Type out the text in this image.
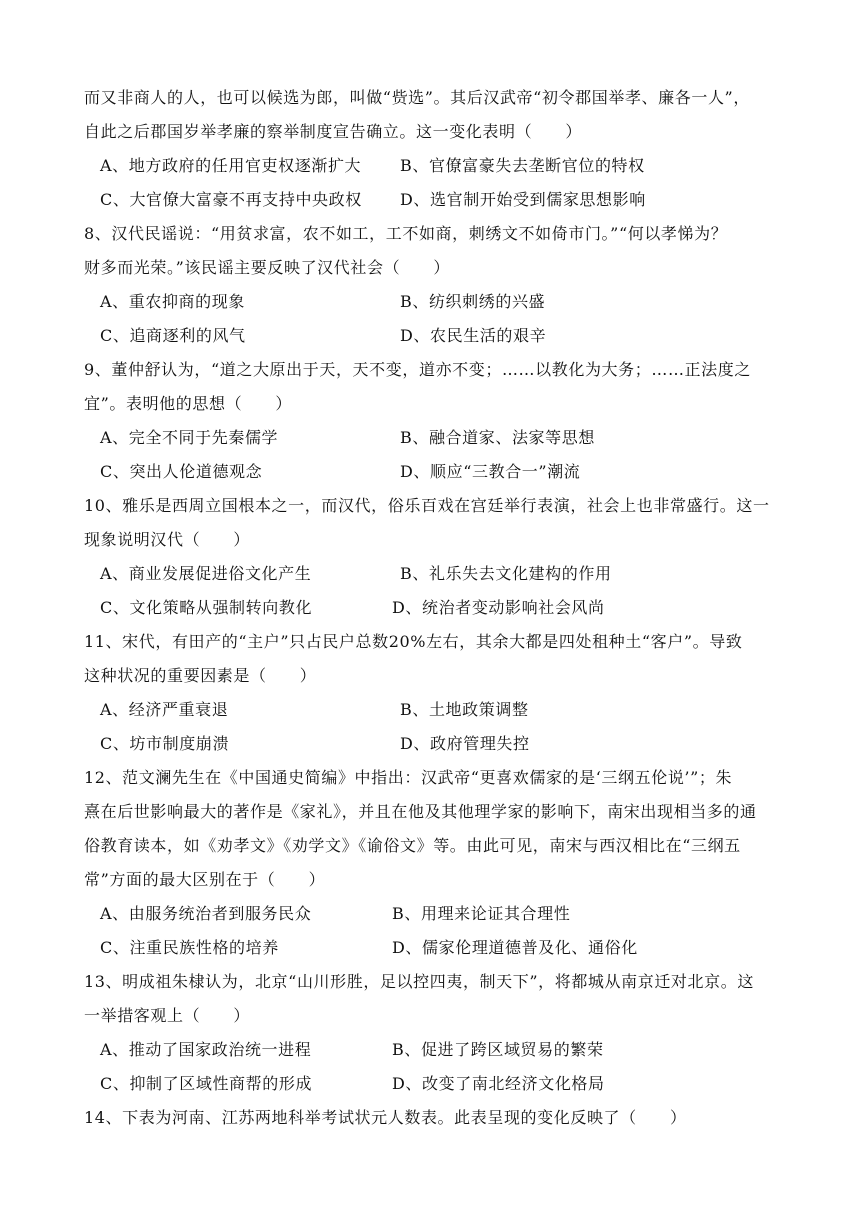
而又非商人的人，也可以候选为郎，叫做“赀选”。其后汉武帝“初令郡国举孝、廉各一人”，
自此之后郡国岁举孝廉的察举制度宣告确立。这一变化表明（　　）
A、地方政府的任用官吏权逐渐扩大 B、官僚富豪失去垄断官位的特权
C、大官僚大富豪不再支持中央政权 D、选官制开始受到儒家思想影响
8、汉代民谣说：“用贫求富，农不如工，工不如商，刺绣文不如倚市门。”“何以孝悌为？
财多而光荣。”该民谣主要反映了汉代社会（　　）
A、重农抑商的现象	B、纺织刺绣的兴盛
C、追商逐利的风气	D、农民生活的艰辛
9、董仲舒认为，“道之大原出于天，天不变，道亦不变；……以教化为大务；……正法度之
宜”。表明他的思想（　　）
A、完全不同于先秦儒学	B、融合道家、法家等思想
C、突出人伦道德观念	D、顺应“三教合一”潮流
10、雅乐是西周立国根本之一，而汉代，俗乐百戏在宫廷举行表演，社会上也非常盛行。这一
现象说明汉代（　　）
A、商业发展促进俗文化产生	B、礼乐失去文化建构的作用
C、文化策略从强制转向教化	D、统治者变动影响社会风尚
11、宋代，有田产的“主户”只占民户总数20%左右，其余大都是四处租种土“客户”。导致
这种状况的重要因素是（　　）
A、经济严重衰退	B、土地政策调整
C、坊市制度崩溃	D、政府管理失控
12、范文澜先生在《中国通史简编》中指出：汉武帝“更喜欢儒家的是‘三纲五伦说’”；朱
熹在后世影响最大的著作是《家礼》，并且在他及其他理学家的影响下，南宋出现相当多的通
俗教育读本，如《劝孝文》《劝学文》《谕俗文》等。由此可见，南宋与西汉相比在“三纲五
常”方面的最大区别在于（　　）
A、由服务统治者到服务民众	B、用理来论证其合理性
C、注重民族性格的培养	D、儒家伦理道德普及化、通俗化
13、明成祖朱棣认为，北京“山川形胜，足以控四夷，制天下”，将都城从南京迁对北京。这
一举措客观上（　　）
A、推动了国家政治统一进程	B、促进了跨区域贸易的繁荣
C、抑制了区域性商帮的形成	D、改变了南北经济文化格局
14、下表为河南、江苏两地科举考试状元人数表。此表呈现的变化反映了（　　）
